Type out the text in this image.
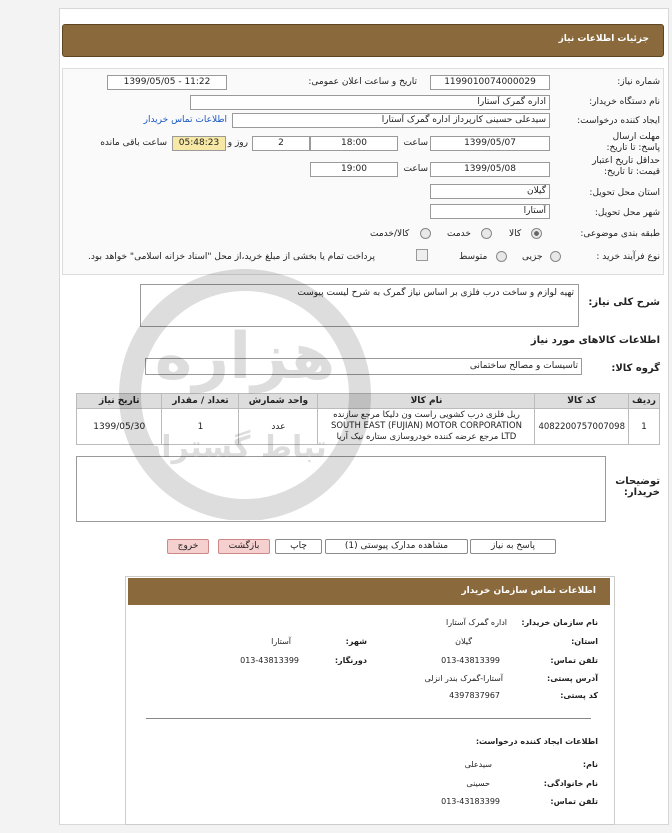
جزئیات اطلاعات نیاز
شماره نیاز:
1199010074000029
تاریخ و ساعت اعلان عمومی:
1399/05/05 - 11:22
نام دستگاه خریدار:
اداره گمرک آستارا
ایجاد کننده درخواست:
سیدعلی حسینی کارپرداز اداره گمرک آستارا
اطلاعات تماس خریدار
مهلت ارسال پاسخ: تا تاریخ:
1399/05/07
ساعت
18:00
2
روز و
05:48:23
ساعت باقی مانده
حداقل تاریخ اعتبار قیمت: تا تاریخ:
1399/05/08
ساعت
19:00
استان محل تحویل:
گیلان
شهر محل تحویل:
آستارا
طبقه بندی موضوعی:
کالا
خدمت
کالا/خدمت
نوع فرآیند خرید :
جزیی
متوسط
پرداخت تمام یا بخشی از مبلغ خرید،از محل "اسناد خزانه اسلامی" خواهد بود.
شرح کلی نیاز:
تهیه لوازم و ساخت درب فلزی بر اساس نیاز گمرک به شرح لیست پیوست
اطلاعات کالاهای مورد نیاز
گروه کالا:
تاسیسات و مصالح ساختمانی
ردیف	کد کالا	نام کالا	واحد شمارش	تعداد / مقدار	تاریخ نیاز
1	4082200757007098	ریل فلزی درب کشویی راست ون دلیکا مرجع سازنده
SOUTH EAST (FUJIAN) MOTOR CORPORATION
LTD مرجع عرضه کننده خودروسازی ستاره نیک آریا	عدد	1	1399/05/30
توضیحات
خریدار:
پاسخ به نیاز
مشاهده مدارک پیوستی (1)
چاپ
بازگشت
خروج
هزاره
ارتباط گستران
اطلاعات تماس سازمان خریدار
نام سازمان خریدار:
اداره گمرک آستارا
استان:
گیلان
شهر:
آستارا
تلفن تماس:
013-43813399
دورنگار:
013-43813399
آدرس پستی:
آستارا-گمرک بندر انزلی
کد پستی:
4397837967
اطلاعات ایجاد کننده درخواست:
نام:
سیدعلی
نام خانوادگی:
حسینی
تلفن تماس:
013-43183399
